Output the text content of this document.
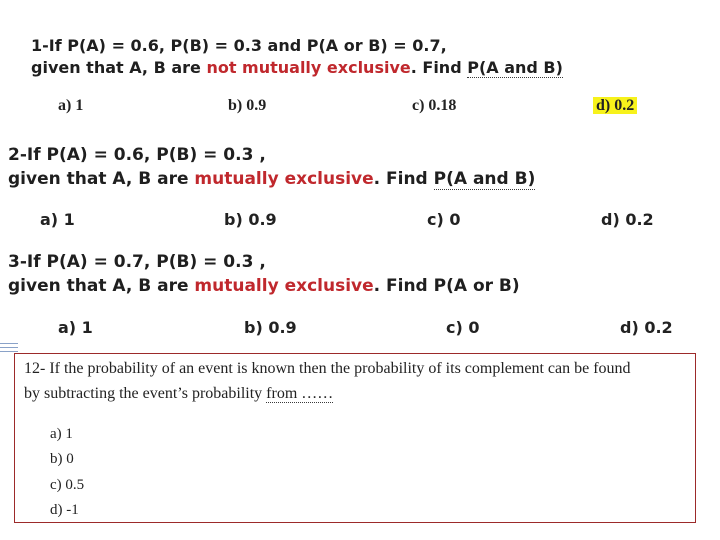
1-If P(A) = 0.6, P(B) = 0.3 and P(A or B) = 0.7,
given that A, B are not mutually exclusive. Find P(A and B)
a) 1	b) 0.9	c) 0.18	d) 0.2
2-If P(A) = 0.6, P(B) = 0.3 ,
given that A, B are mutually exclusive. Find P(A and B)
a) 1	b) 0.9	c) 0	d) 0.2
3-If P(A) = 0.7, P(B) = 0.3 ,
given that A, B are mutually exclusive. Find P(A or B)
a) 1	b) 0.9	c) 0	d) 0.2
12- If the probability of an event is known then the probability of its complement can be found
by subtracting the event’s probability from ……
a) 1
b) 0
c) 0.5
d) -1
